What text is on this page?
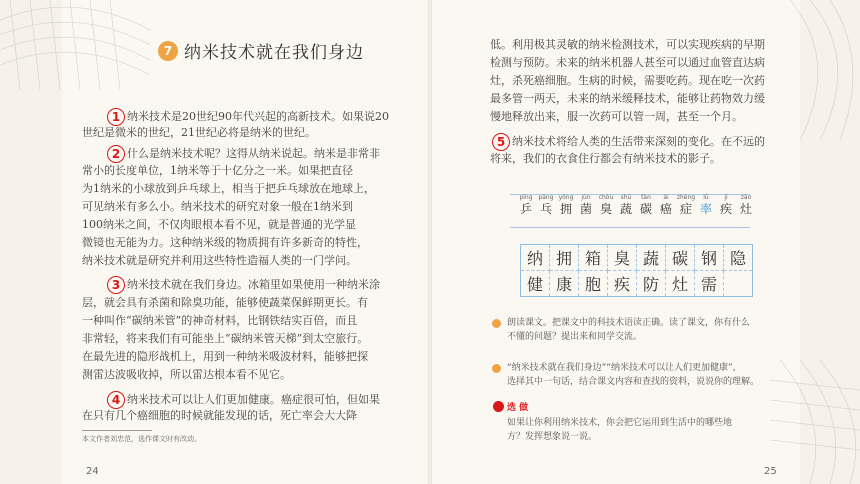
7 纳米技术就在我们身边
1 纳米技术是20世纪90年代兴起的高新技术。如果说20

世纪是微米的世纪，21世纪必将是纳米的世纪。

2 什么是纳米技术呢？这得从纳米说起。纳米是非常非

常小的长度单位，1纳米等于十亿分之一米。如果把直径

为1纳米的小球放到乒乓球上，相当于把乒乓球放在地球上，

可见纳米有多么小。纳米技术的研究对象一般在1纳米到

100纳米之间，不仅肉眼根本看不见，就是普通的光学显

微镜也无能为力。这种纳米级的物质拥有许多新奇的特性，

纳米技术就是研究并利用这些特性造福人类的一门学问。

3 纳米技术就在我们身边。冰箱里如果使用一种纳米涂

层，就会具有杀菌和除臭功能，能够使蔬菜保鲜期更长。有

一种叫作“碳纳米管”的神奇材料，比钢铁结实百倍，而且

非常轻，将来我们有可能坐上“碳纳米管天梯”到太空旅行。

在最先进的隐形战机上，用到一种纳米吸波材料，能够把探

测雷达波吸收掉，所以雷达根本看不见它。

4 纳米技术可以让人们更加健康。癌症很可怕，但如果

在只有几个癌细胞的时候就能发现的话，死亡率会大大降

本文作者刘忠范，选作课文时有改动。
24

低。利用极其灵敏的纳米检测技术，可以实现疾病的早期

检测与预防。未来的纳米机器人甚至可以通过血管直达病

灶，杀死癌细胞。生病的时候，需要吃药。现在吃一次药

最多管一两天，未来的纳米缓释技术，能够让药物效力缓

慢地释放出来，服一次药可以管一周，甚至一个月。

5 纳米技术将给人类的生活带来深刻的变化。在不远的

将来，我们的衣食住行都会有纳米技术的影子。

pīng
乒
pāng
乓
yōng
拥
jūn
菌
chòu
臭
shū
蔬
tàn
碳
ái
癌
zhèng
症
lǜ
率
jí
疾
zào
灶
纳 拥 箱 臭 蔬 碳 钢 隐
健 康 胞 疾 防 灶 需
朗读课文。把课文中的科技术语读正确。读了课文，你有什么
不懂的问题？提出来和同学交流。
“纳米技术就在我们身边”“纳米技术可以让人们更加健康”，
选择其中一句话，结合课文内容和查找的资料，说说你的理解。
选 做
如果让你利用纳米技术，你会把它运用到生活中的哪些地
方？发挥想象说一说。
25
